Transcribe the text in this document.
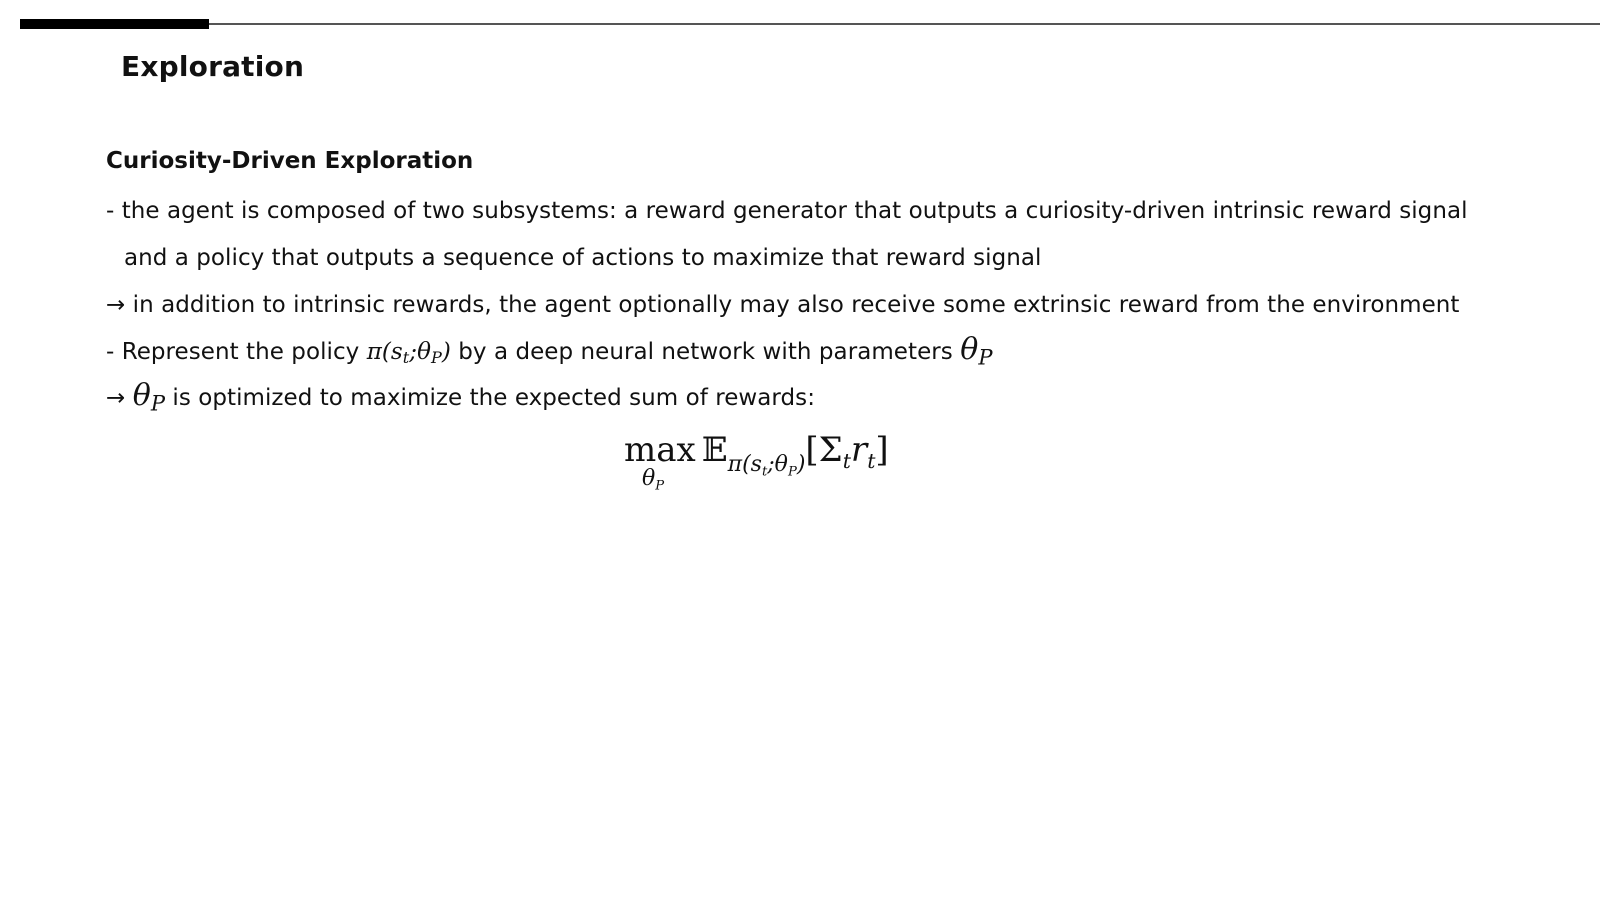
Exploration
Curiosity-Driven Exploration
- the agent is composed of two subsystems: a reward generator that outputs a curiosity-driven intrinsic reward signal
and a policy that outputs a sequence of actions to maximize that reward signal
→ in addition to intrinsic rewards, the agent optionally may also receive some extrinsic reward from the environment
- Represent the policy $\pi(s_t;\theta_P)$ by a deep neural network with parameters $\theta_P$
→ $\theta_P$ is optimized to maximize the expected sum of rewards:
max
$\theta_P$
$𝔼_{\pi(s_t;\theta_P)}[\Sigma_tr_t]$
